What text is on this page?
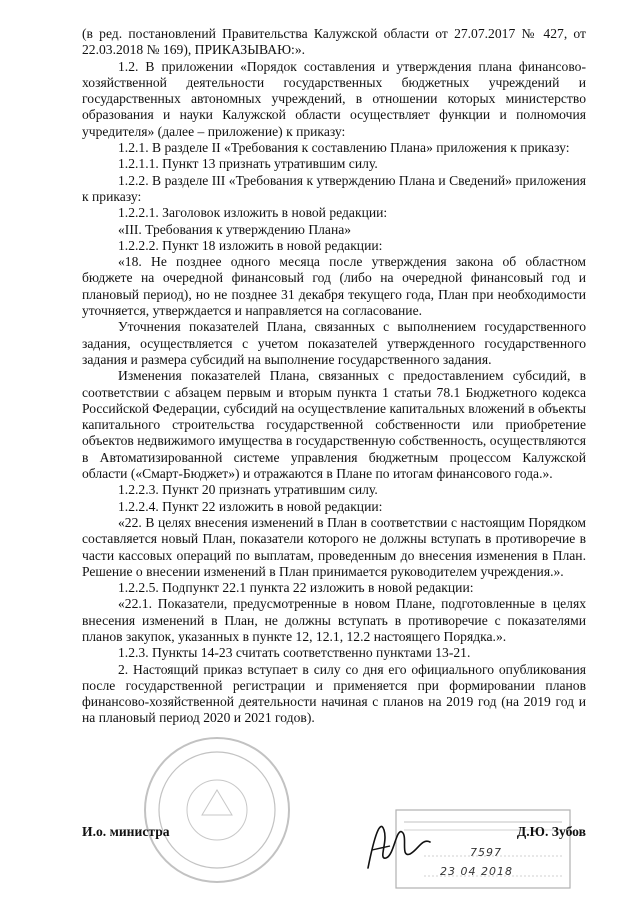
7597
23 04 2018

(в ред. постановлений Правительства Калужской области от 27.07.2017 № 427, от 22.03.2018 № 169), ПРИКАЗЫВАЮ:».

1.2. В приложении «Порядок составления и утверждения плана финансово-хозяйственной деятельности государственных бюджетных учреждений и государственных автономных учреждений, в отношении которых министерство образования и науки Калужской области осуществляет функции и полномочия учредителя» (далее – приложение) к приказу:

1.2.1. В разделе II «Требования к составлению Плана» приложения к приказу:

1.2.1.1. Пункт 13 признать утратившим силу.

1.2.2. В разделе III «Требования к утверждению Плана и Сведений» приложения к приказу:

1.2.2.1. Заголовок изложить в новой редакции:

«III. Требования к утверждению Плана»

1.2.2.2. Пункт 18 изложить в новой редакции:

«18. Не позднее одного месяца после утверждения закона об областном бюджете на очередной финансовый год (либо на очередной финансовый год и плановый период), но не позднее 31 декабря текущего года, План при необходимости уточняется, утверждается и направляется на согласование.

Уточнения показателей Плана, связанных с выполнением государственного задания, осуществляется с учетом показателей утвержденного государственного задания и размера субсидий на выполнение государственного задания.

Изменения показателей Плана, связанных с предоставлением субсидий, в соответствии с абзацем первым и вторым пункта 1 статьи 78.1 Бюджетного кодекса Российской Федерации, субсидий на осуществление капитальных вложений в объекты капитального строительства государственной собственности или приобретение объектов недвижимого имущества в государственную собственность, осуществляются в Автоматизированной системе управления бюджетным процессом Калужской области («Смарт-Бюджет») и отражаются в Плане по итогам финансового года.».

1.2.2.3. Пункт 20 признать утратившим силу.

1.2.2.4. Пункт 22 изложить в новой редакции:

«22. В целях внесения изменений в План в соответствии с настоящим Порядком составляется новый План, показатели которого не должны вступать в противоречие в части кассовых операций по выплатам, проведенным до внесения изменения в План. Решение о внесении изменений в План принимается руководителем учреждения.».

1.2.2.5. Подпункт 22.1 пункта 22 изложить в новой редакции:

«22.1. Показатели, предусмотренные в новом Плане, подготовленные в целях внесения изменений в План, не должны вступать в противоречие с показателями планов закупок, указанных в пункте 12, 12.1, 12.2 настоящего Порядка.».

1.2.3. Пункты 14-23 считать соответственно пунктами 13-21.

2. Настоящий приказ вступает в силу со дня его официального опубликования после государственной регистрации и применяется при формировании планов финансово-хозяйственной деятельности начиная с планов на 2019 год (на 2019 год и на плановый период 2020 и 2021 годов).

И.о. министра	Д.Ю. Зубов
